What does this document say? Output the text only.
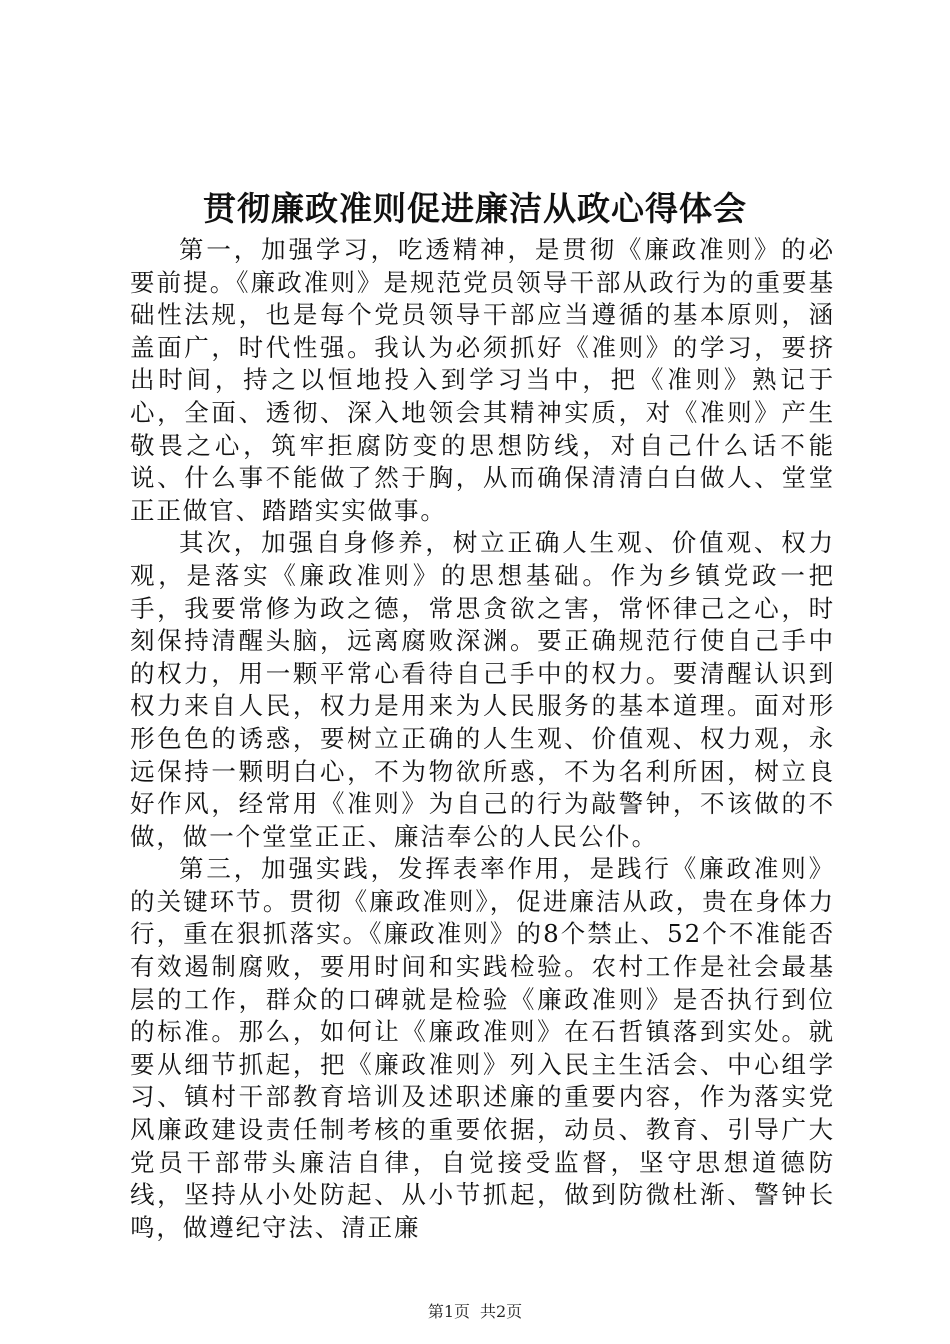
贯彻廉政准则促进廉洁从政心得体会

第一，加强学习，吃透精神，是贯彻《廉政准则》的必要前提。《廉政准则》是规范党员领导干部从政行为的重要基础性法规，也是每个党员领导干部应当遵循的基本原则，涵盖面广，时代性强。我认为必须抓好《准则》的学习，要挤出时间，持之以恒地投入到学习当中，把《准则》熟记于心，全面、透彻、深入地领会其精神实质，对《准则》产生敬畏之心，筑牢拒腐防变的思想防线，对自己什么话不能说、什么事不能做了然于胸，从而确保清清白白做人、堂堂正正做官、踏踏实实做事。

其次，加强自身修养，树立正确人生观、价值观、权力观，是落实《廉政准则》的思想基础。作为乡镇党政一把手，我要常修为政之德，常思贪欲之害，常怀律己之心，时刻保持清醒头脑，远离腐败深渊。要正确规范行使自己手中的权力，用一颗平常心看待自己手中的权力。要清醒认识到权力来自人民，权力是用来为人民服务的基本道理。面对形形色色的诱惑，要树立正确的人生观、价值观、权力观，永远保持一颗明白心，不为物欲所惑，不为名利所困，树立良好作风，经常用《准则》为自己的行为敲警钟，不该做的不做，做一个堂堂正正、廉洁奉公的人民公仆。

第三，加强实践，发挥表率作用，是践行《廉政准则》的关键环节。贯彻《廉政准则》，促进廉洁从政，贵在身体力行，重在狠抓落实。《廉政准则》的8个禁止、52个不准能否有效遏制腐败，要用时间和实践检验。农村工作是社会最基层的工作，群众的口碑就是检验《廉政准则》是否执行到位的标准。那么，如何让《廉政准则》在石哲镇落到实处。就要从细节抓起，把《廉政准则》列入民主生活会、中心组学习、镇村干部教育培训及述职述廉的重要内容，作为落实党风廉政建设责任制考核的重要依据，动员、教育、引导广大党员干部带头廉洁自律，自觉接受监督，坚守思想道德防线，坚持从小处防起、从小节抓起，做到防微杜渐、警钟长鸣，做遵纪守法、清正廉

第1页 共2页
